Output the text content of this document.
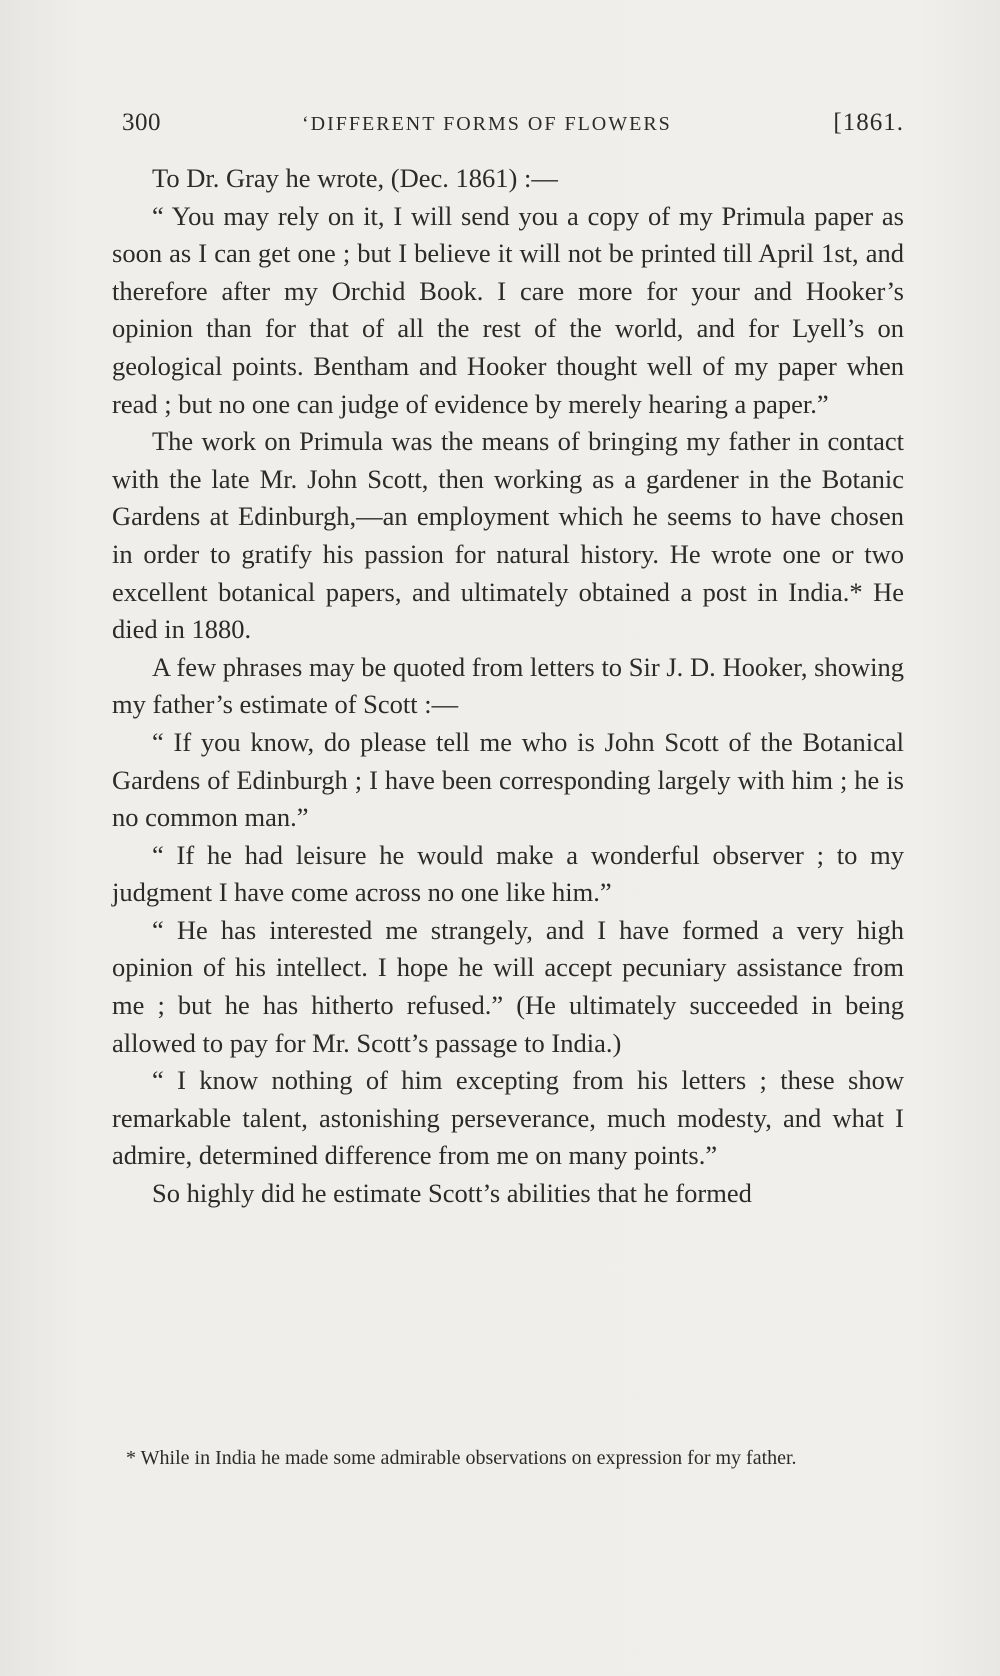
300	‘DIFFERENT FORMS OF FLOWERS	[1861.

To Dr. Gray he wrote, (Dec. 1861) :—

“ You may rely on it, I will send you a copy of my Primula paper as soon as I can get one ; but I believe it will not be printed till April 1st, and therefore after my Orchid Book. I care more for your and Hooker’s opinion than for that of all the rest of the world, and for Lyell’s on geological points. Bentham and Hooker thought well of my paper when read ; but no one can judge of evidence by merely hearing a paper.”

The work on Primula was the means of bringing my father in contact with the late Mr. John Scott, then working as a gardener in the Botanic Gardens at Edinburgh,—an employment which he seems to have chosen in order to gratify his passion for natural history. He wrote one or two excellent botanical papers, and ultimately obtained a post in India.* He died in 1880.

A few phrases may be quoted from letters to Sir J. D. Hooker, showing my father’s estimate of Scott :—

“ If you know, do please tell me who is John Scott of the Botanical Gardens of Edinburgh ; I have been corresponding largely with him ; he is no common man.”

“ If he had leisure he would make a wonderful observer ; to my judgment I have come across no one like him.”

“ He has interested me strangely, and I have formed a very high opinion of his intellect. I hope he will accept pecuniary assistance from me ; but he has hitherto refused.” (He ultimately succeeded in being allowed to pay for Mr. Scott’s passage to India.)

“ I know nothing of him excepting from his letters ; these show remarkable talent, astonishing perseverance, much modesty, and what I admire, determined difference from me on many points.”

So highly did he estimate Scott’s abilities that he formed

* While in India he made some admirable observations on expression for my father.
